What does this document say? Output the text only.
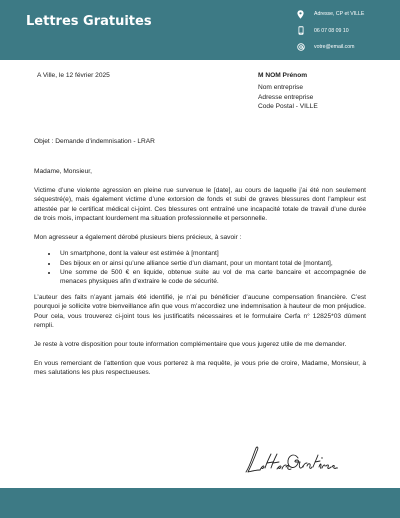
Lettres Gratuites	Adresse, CP et VILLE
06 07 08 09 10
votre@email.com
A Ville, le 12 février 2025	M NOM Prénom
Nom entreprise
Adresse entreprise
Code Postal - VILLE
Objet : Demande d’indemnisation - LRAR

Madame, Monsieur,

Victime d’une violente agression en pleine rue survenue le [date], au cours de laquelle j’ai été non seulement séquestré(e), mais également victime d’une extorsion de fonds et subi de graves blessures dont l’ampleur est attestée par le certificat médical ci-joint. Ces blessures ont entraîné une incapacité totale de travail d’une durée de trois mois, impactant lourdement ma situation professionnelle et personnelle.

Mon agresseur a également dérobé plusieurs biens précieux, à savoir :

• Un smartphone, dont la valeur est estimée à [montant]
• Des bijoux en or ainsi qu’une alliance sertie d’un diamant, pour un montant total de [montant],
• Une somme de 500 € en liquide, obtenue suite au vol de ma carte bancaire et accompagnée de menaces physiques afin d’extraire le code de sécurité.

L’auteur des faits n’ayant jamais été identifié, je n’ai pu bénéficier d’aucune compensation financière. C’est pourquoi je sollicite votre bienveillance afin que vous m’accordiez une indemnisation à hauteur de mon préjudice. Pour cela, vous trouverez ci-joint tous les justificatifs nécessaires et le formulaire Cerfa n° 12825*03 dûment rempli.

Je reste à votre disposition pour toute information complémentaire que vous jugerez utile de me demander.

En vous remerciant de l’attention que vous porterez à ma requête, je vous prie de croire, Madame, Monsieur, à mes salutations les plus respectueuses.
